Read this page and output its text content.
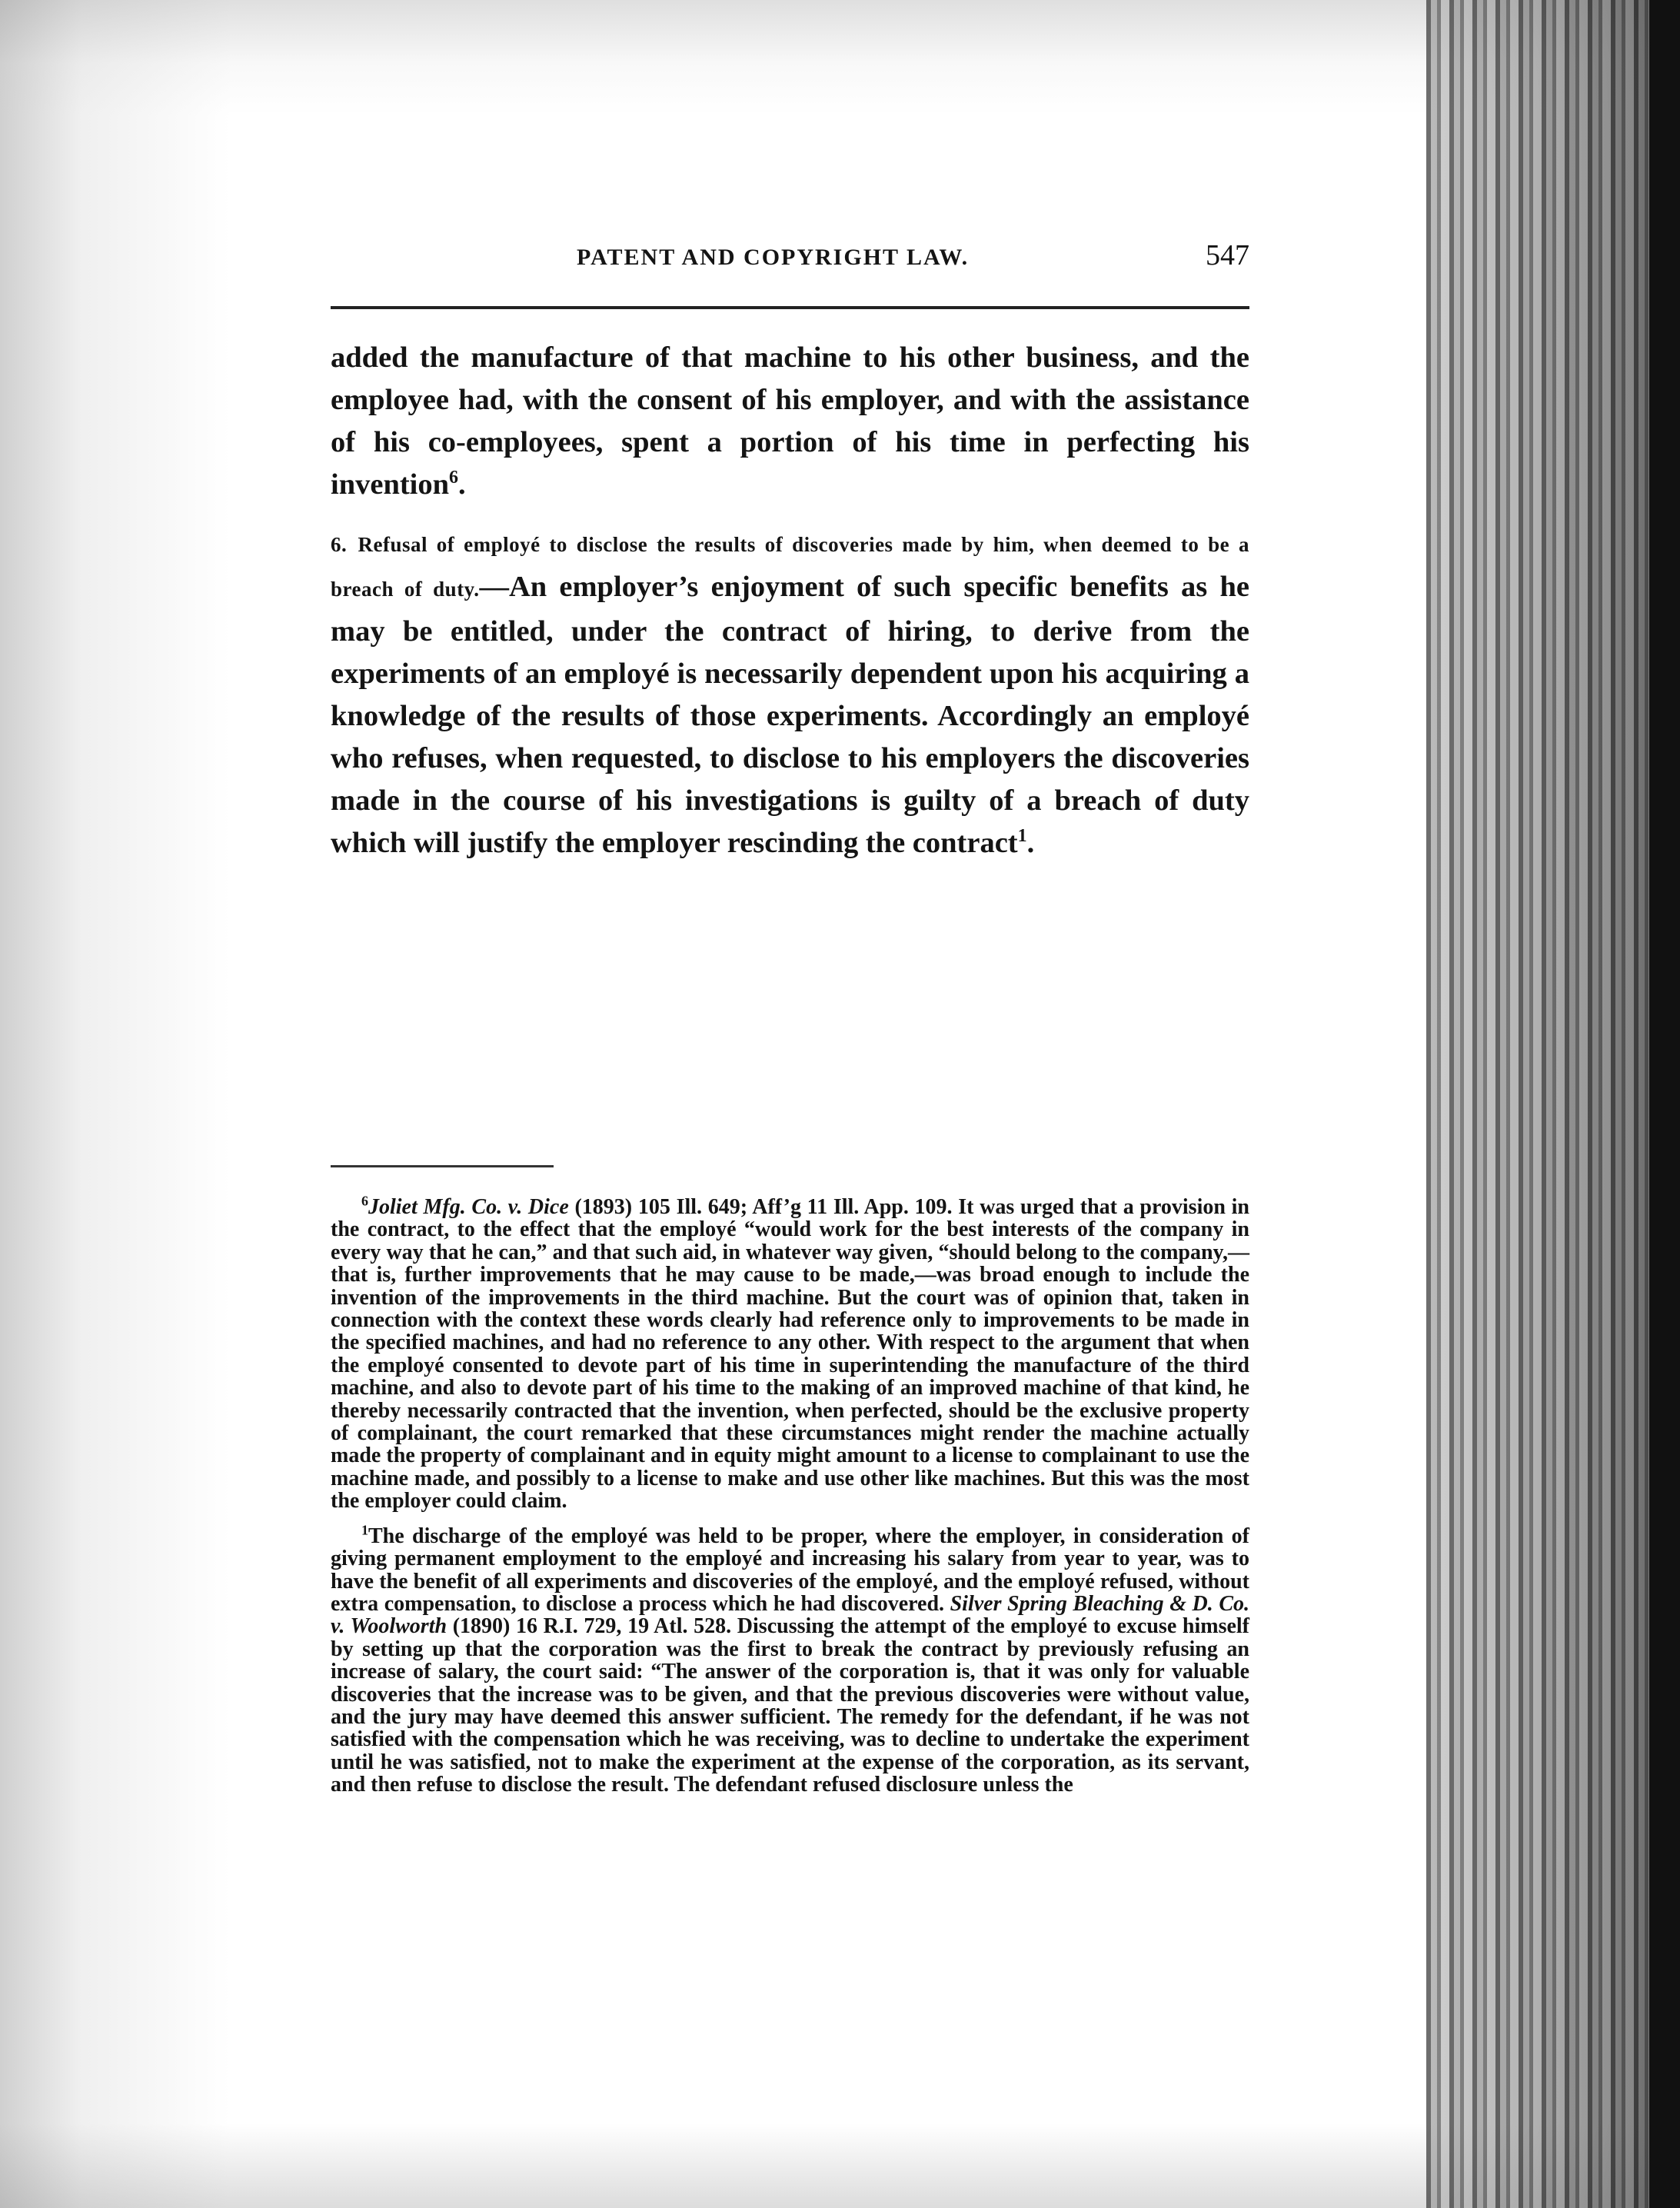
PATENT AND COPYRIGHT LAW.	547

added the manufacture of that machine to his other business, and the employee had, with the consent of his employer, and with the assistance of his co-employees, spent a portion of his time in perfecting his invention$^6$.

6. Refusal of employé to disclose the results of discoveries made by him, when deemed to be a breach of duty.—An employer’s enjoyment of such specific benefits as he may be entitled, under the contract of hiring, to derive from the experiments of an employé is necessarily dependent upon his acquiring a knowledge of the results of those experiments. Accordingly an employé who refuses, when requested, to disclose to his employers the discoveries made in the course of his investigations is guilty of a breach of duty which will justify the employer rescinding the contract$^1$.

$^6$Joliet Mfg. Co. v. Dice (1893) 105 Ill. 649; Aff’g 11 Ill. App. 109. It was urged that a provision in the contract, to the effect that the employé “would work for the best interests of the company in every way that he can,” and that such aid, in whatever way given, “should belong to the company,—that is, further improvements that he may cause to be made,—was broad enough to include the invention of the improvements in the third machine. But the court was of opinion that, taken in connection with the context these words clearly had reference only to improvements to be made in the specified machines, and had no reference to any other. With respect to the argument that when the employé consented to devote part of his time in superintending the manufacture of the third machine, and also to devote part of his time to the making of an improved machine of that kind, he thereby necessarily contracted that the invention, when perfected, should be the exclusive property of complainant, the court remarked that these circumstances might render the machine actually made the property of complainant and in equity might amount to a license to complainant to use the machine made, and possibly to a license to make and use other like machines. But this was the most the employer could claim.

$^1$The discharge of the employé was held to be proper, where the employer, in consideration of giving permanent employment to the employé and increasing his salary from year to year, was to have the benefit of all experiments and discoveries of the employé, and the employé refused, without extra compensation, to disclose a process which he had discovered. Silver Spring Bleaching & D. Co. v. Woolworth (1890) 16 R.I. 729, 19 Atl. 528. Discussing the attempt of the employé to excuse himself by setting up that the corporation was the first to break the contract by previously refusing an increase of salary, the court said: “The answer of the corporation is, that it was only for valuable discoveries that the increase was to be given, and that the previous discoveries were without value, and the jury may have deemed this answer sufficient. The remedy for the defendant, if he was not satisfied with the compensation which he was receiving, was to decline to undertake the experiment until he was satisfied, not to make the experiment at the expense of the corporation, as its servant, and then refuse to disclose the result. The defendant refused disclosure unless the
